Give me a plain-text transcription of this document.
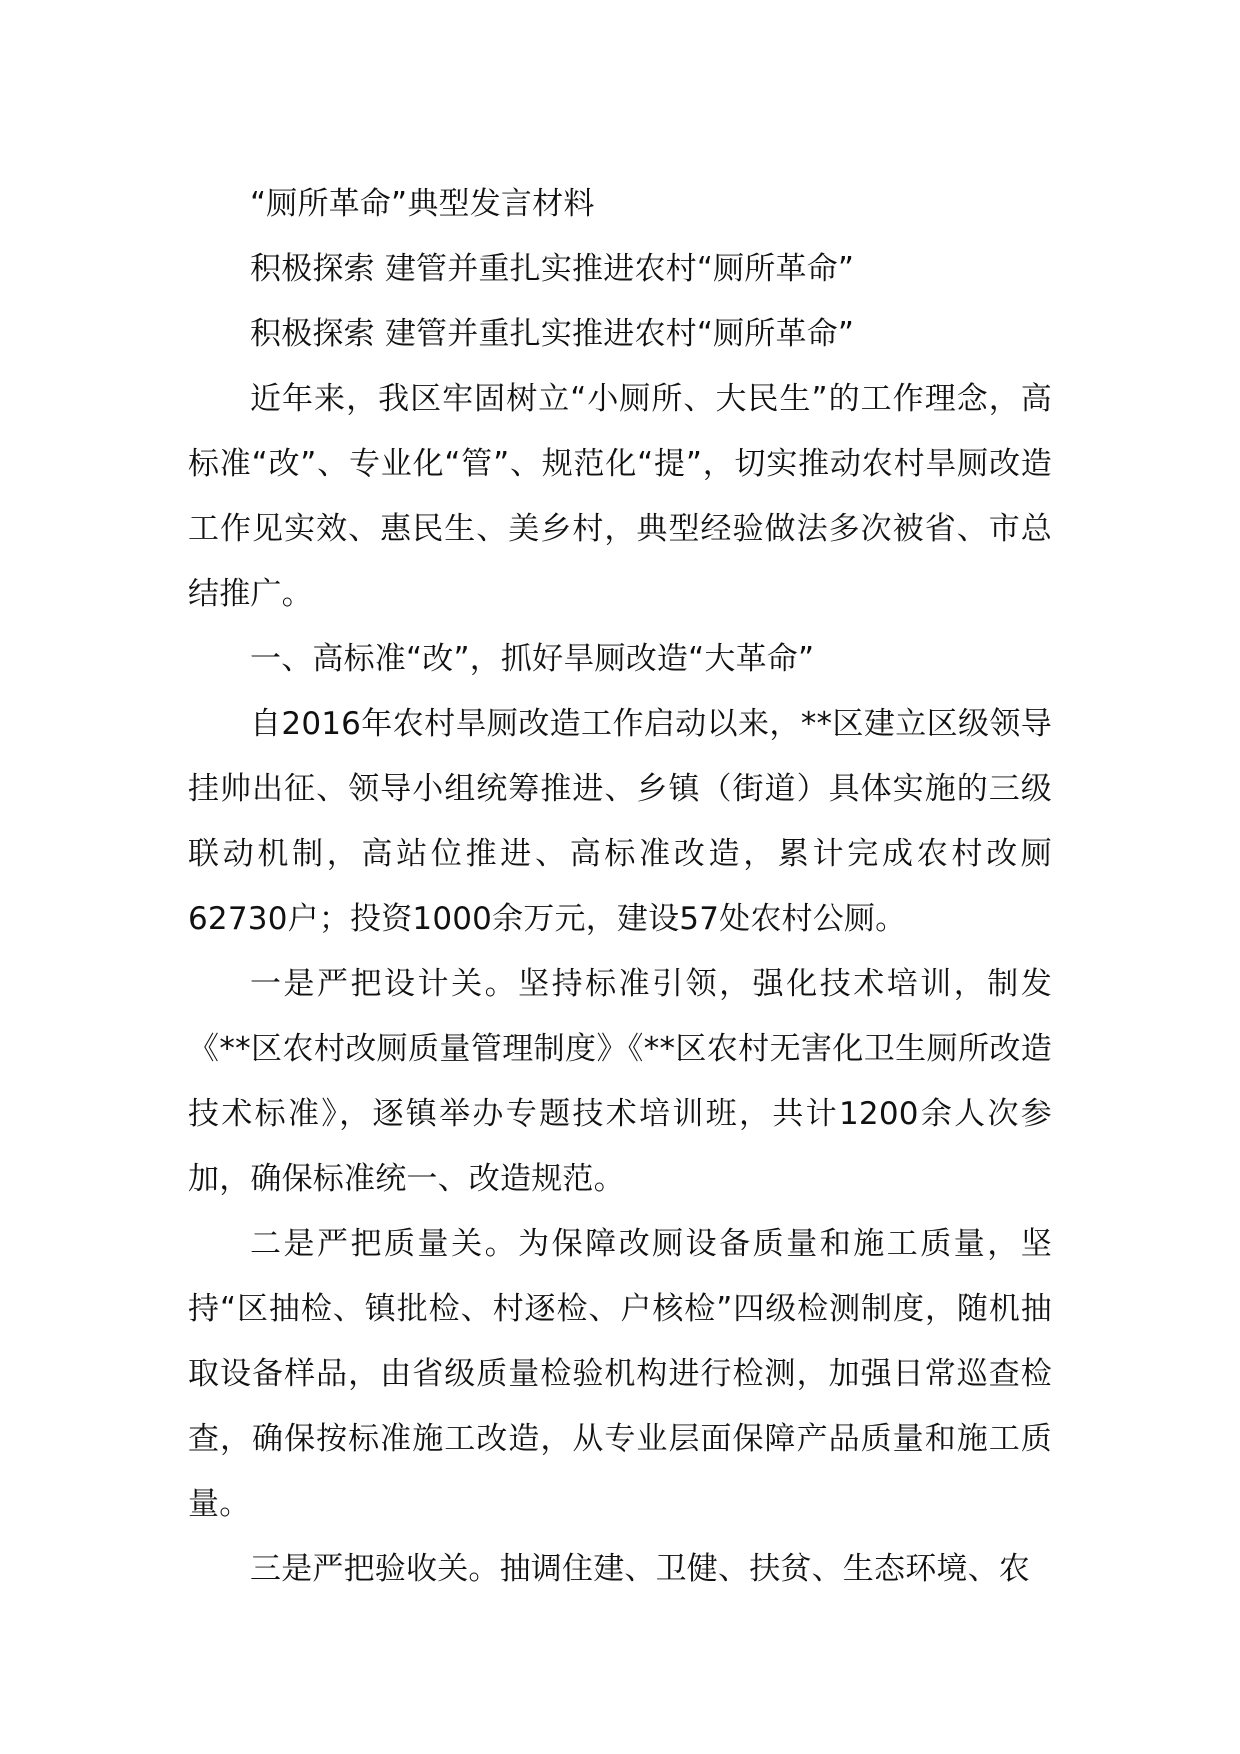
“厕所革命”典型发言材料

积极探索 建管并重扎实推进农村“厕所革命”

积极探索 建管并重扎实推进农村“厕所革命”

近年来，我区牢固树立“小厕所、大民生”的工作理念，高标准“改”、专业化“管”、规范化“提”，切实推动农村旱厕改造工作见实效、惠民生、美乡村，典型经验做法多次被省、市总结推广。

一、高标准“改”，抓好旱厕改造“大革命”

自2016年农村旱厕改造工作启动以来，**区建立区级领导挂帅出征、领导小组统筹推进、乡镇（街道）具体实施的三级联动机制，高站位推进、高标准改造，累计完成农村改厕62730户；投资1000余万元，建设57处农村公厕。

一是严把设计关。坚持标准引领，强化技术培训，制发《**区农村改厕质量管理制度》《**区农村无害化卫生厕所改造技术标准》，逐镇举办专题技术培训班，共计1200余人次参加，确保标准统一、改造规范。

二是严把质量关。为保障改厕设备质量和施工质量，坚持“区抽检、镇批检、村逐检、户核检”四级检测制度，随机抽取设备样品，由省级质量检验机构进行检测，加强日常巡查检查，确保按标准施工改造，从专业层面保障产品质量和施工质量。

三是严把验收关。抽调住建、卫健、扶贫、生态环境、农
